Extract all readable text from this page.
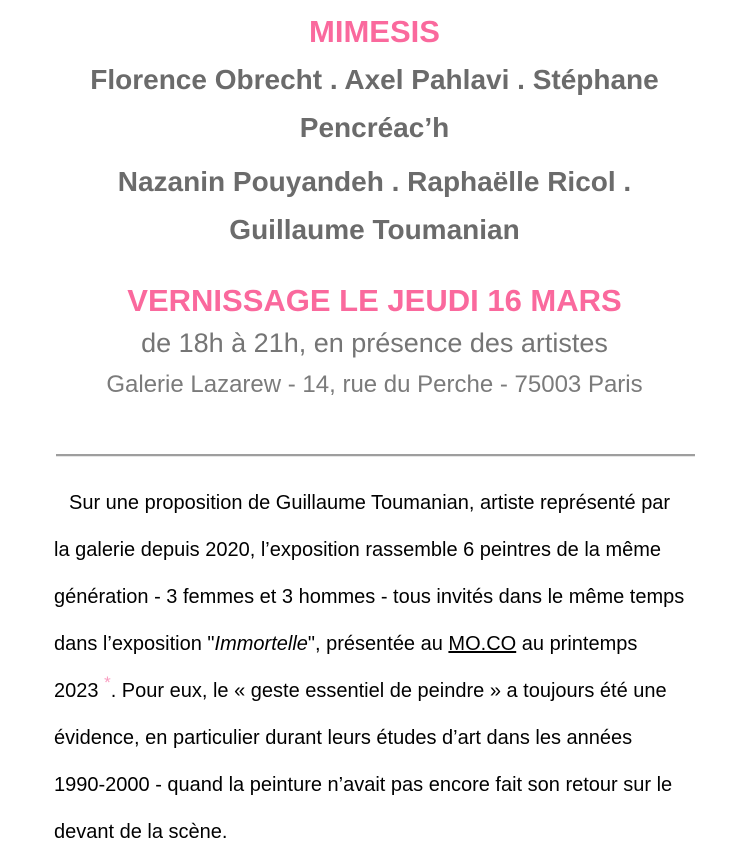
MIMESIS
Florence Obrecht . Axel Pahlavi . Stéphane Pencréac’h
Nazanin Pouyandeh . Raphaëlle Ricol . Guillaume Toumanian
VERNISSAGE LE JEUDI 16 MARS
de 18h à 21h, en présence des artistes
Galerie Lazarew - 14, rue du Perche - 75003 Paris

Sur une proposition de Guillaume Toumanian, artiste représenté par
la galerie depuis 2020, l’exposition rassemble 6 peintres de la même
génération - 3 femmes et 3 hommes - tous invités dans le même temps
dans l’exposition "Immortelle", présentée au MO.CO au printemps
2023 *. Pour eux, le « geste essentiel de peindre » a toujours été une
évidence, en particulier durant leurs études d’art dans les années
1990-2000 - quand la peinture n’avait pas encore fait son retour sur le
devant de la scène.
